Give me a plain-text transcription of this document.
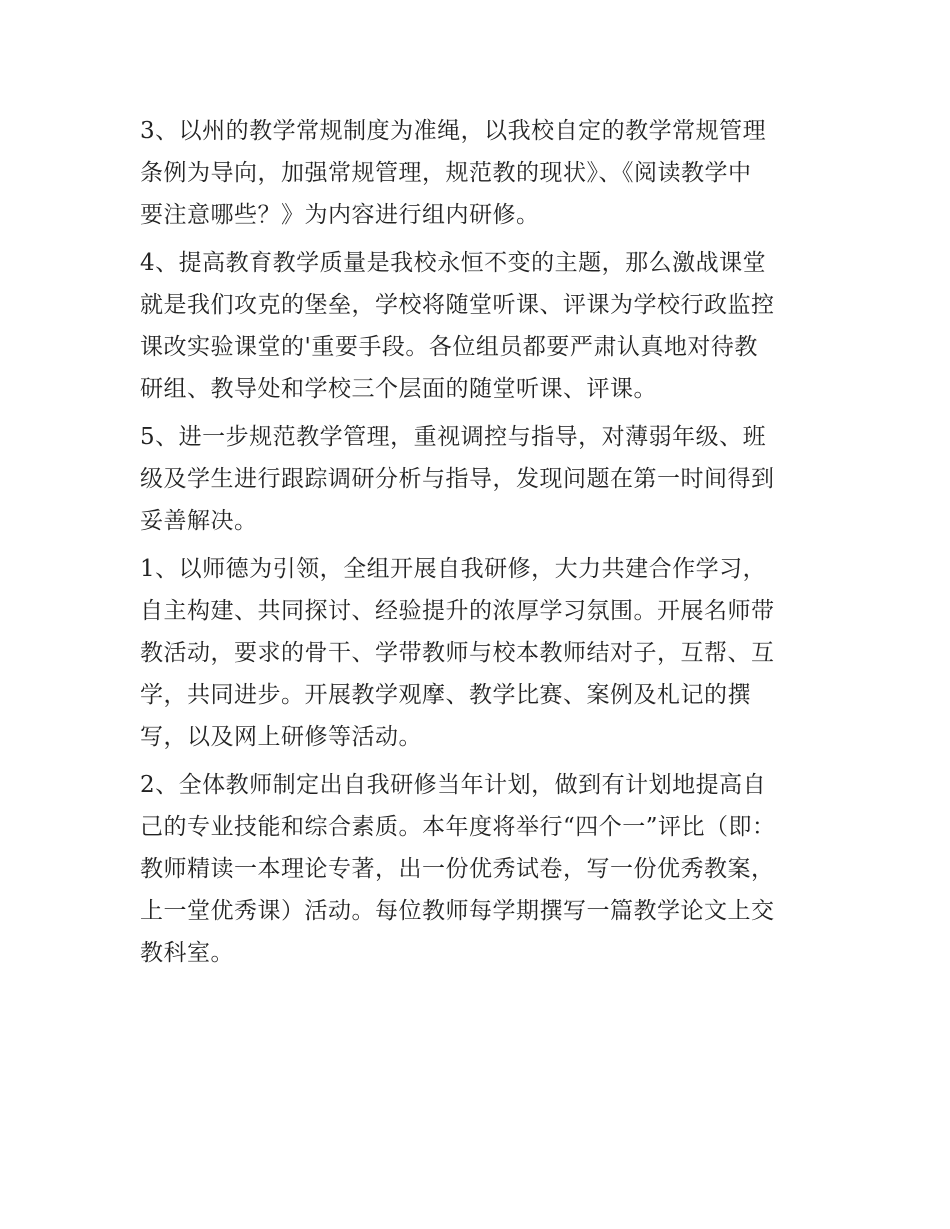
3、以州的教学常规制度为准绳，以我校自定的教学常规管理
条例为导向，加强常规管理，规范教的现状》、《阅读教学中
要注意哪些？》为内容进行组内研修。
4、提高教育教学质量是我校永恒不变的主题，那么激战课堂
就是我们攻克的堡垒，学校将随堂听课、评课为学校行政监控
课改实验课堂的'重要手段。各位组员都要严肃认真地对待教
研组、教导处和学校三个层面的随堂听课、评课。
5、进一步规范教学管理，重视调控与指导，对薄弱年级、班
级及学生进行跟踪调研分析与指导，发现问题在第一时间得到
妥善解决。
1、以师德为引领，全组开展自我研修，大力共建合作学习，
自主构建、共同探讨、经验提升的浓厚学习氛围。开展名师带
教活动，要求的骨干、学带教师与校本教师结对子，互帮、互
学，共同进步。开展教学观摩、教学比赛、案例及札记的撰
写，以及网上研修等活动。
2、全体教师制定出自我研修当年计划，做到有计划地提高自
己的专业技能和综合素质。本年度将举行“四个一”评比（即：
教师精读一本理论专著，出一份优秀试卷，写一份优秀教案，
上一堂优秀课）活动。每位教师每学期撰写一篇教学论文上交
教科室。
